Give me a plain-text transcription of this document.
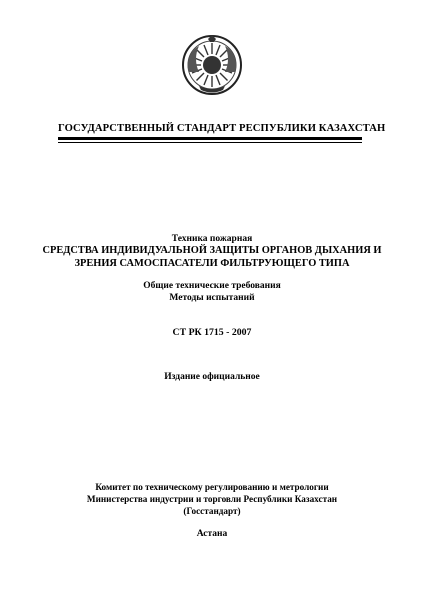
ГОСУДАРСТВЕННЫЙ СТАНДАРТ РЕСПУБЛИКИ КАЗАХСТАН
Техника пожарная
СРЕДСТВА ИНДИВИДУАЛЬНОЙ ЗАЩИТЫ ОРГАНОВ ДЫХАНИЯ И
ЗРЕНИЯ САМОСПАСАТЕЛИ ФИЛЬТРУЮЩЕГО ТИПА
Общие технические требования
Методы испытаний
СТ РК 1715 - 2007
Издание официальное
Комитет по техническому регулированию и метрологии
Министерства индустрии и торговли Республики Казахстан
(Госстандарт)
Астана
